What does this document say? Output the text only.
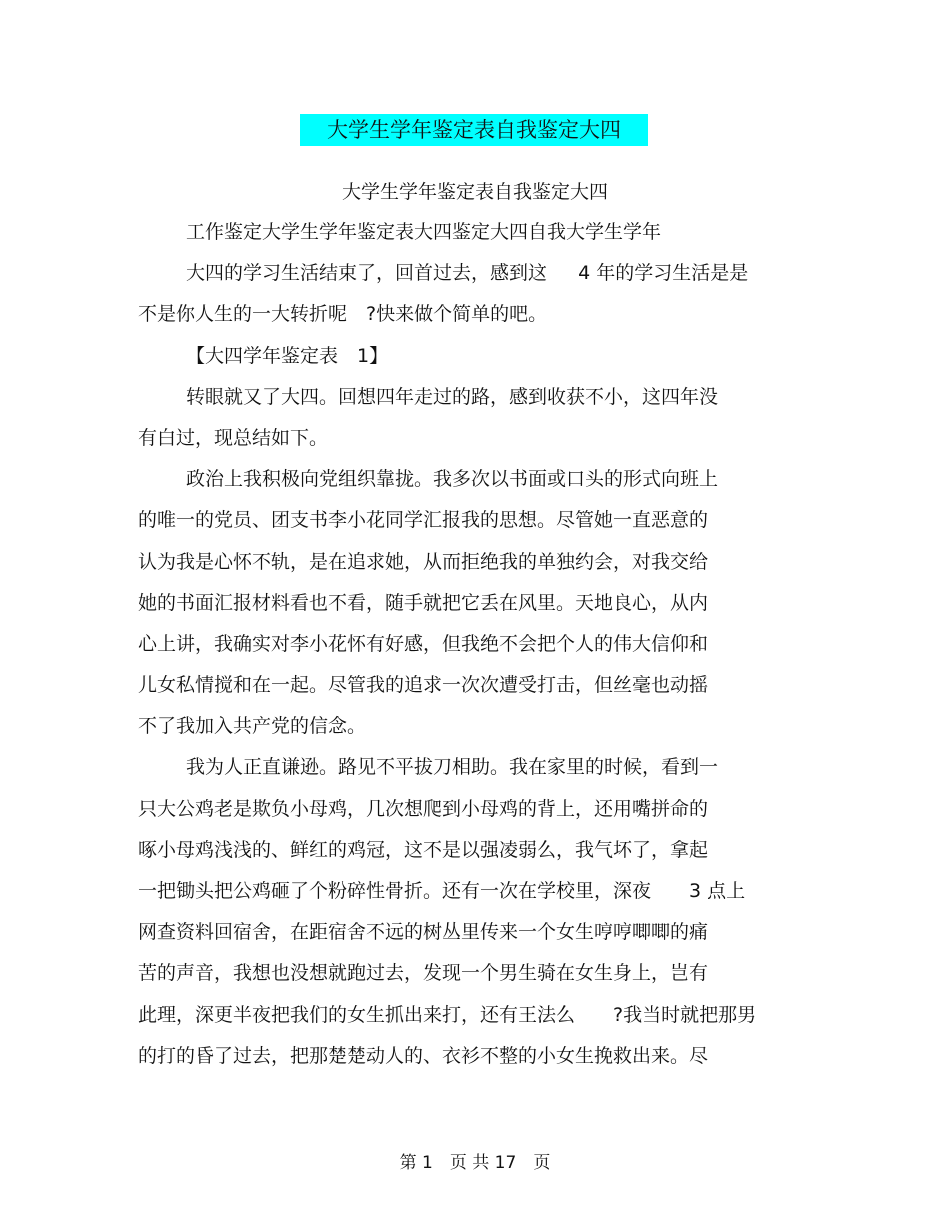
大学生学年鉴定表自我鉴定大四
大学生学年鉴定表自我鉴定大四
工作鉴定大学生学年鉴定表大四鉴定大四自我大学生学年
大四的学习生活结束了，回首过去，感到这　  4 年的学习生活是是
不是你人生的一大转折呢　?快来做个简单的吧。
【大四学年鉴定表　1】
转眼就又了大四。回想四年走过的路，感到收获不小，这四年没
有白过，现总结如下。
政治上我积极向党组织靠拢。我多次以书面或口头的形式向班上
的唯一的党员、团支书李小花同学汇报我的思想。尽管她一直恶意的
认为我是心怀不轨，是在追求她，从而拒绝我的单独约会，对我交给
她的书面汇报材料看也不看，随手就把它丢在风里。天地良心，从内
心上讲，我确实对李小花怀有好感，但我绝不会把个人的伟大信仰和
儿女私情搅和在一起。尽管我的追求一次次遭受打击，但丝毫也动摇
不了我加入共产党的信念。
我为人正直谦逊。路见不平拔刀相助。我在家里的时候，看到一
只大公鸡老是欺负小母鸡，几次想爬到小母鸡的背上，还用嘴拼命的
啄小母鸡浅浅的、鲜红的鸡冠，这不是以强凌弱么，我气坏了，拿起
一把锄头把公鸡砸了个粉碎性骨折。还有一次在学校里，深夜　　3 点上
网查资料回宿舍，在距宿舍不远的树丛里传来一个女生哼哼唧唧的痛
苦的声音，我想也没想就跑过去，发现一个男生骑在女生身上，岂有
此理，深更半夜把我们的女生抓出来打，还有王法么　　?我当时就把那男
的打的昏了过去，把那楚楚动人的、衣衫不整的小女生挽救出来。尽
第 1　页 共 17　页
